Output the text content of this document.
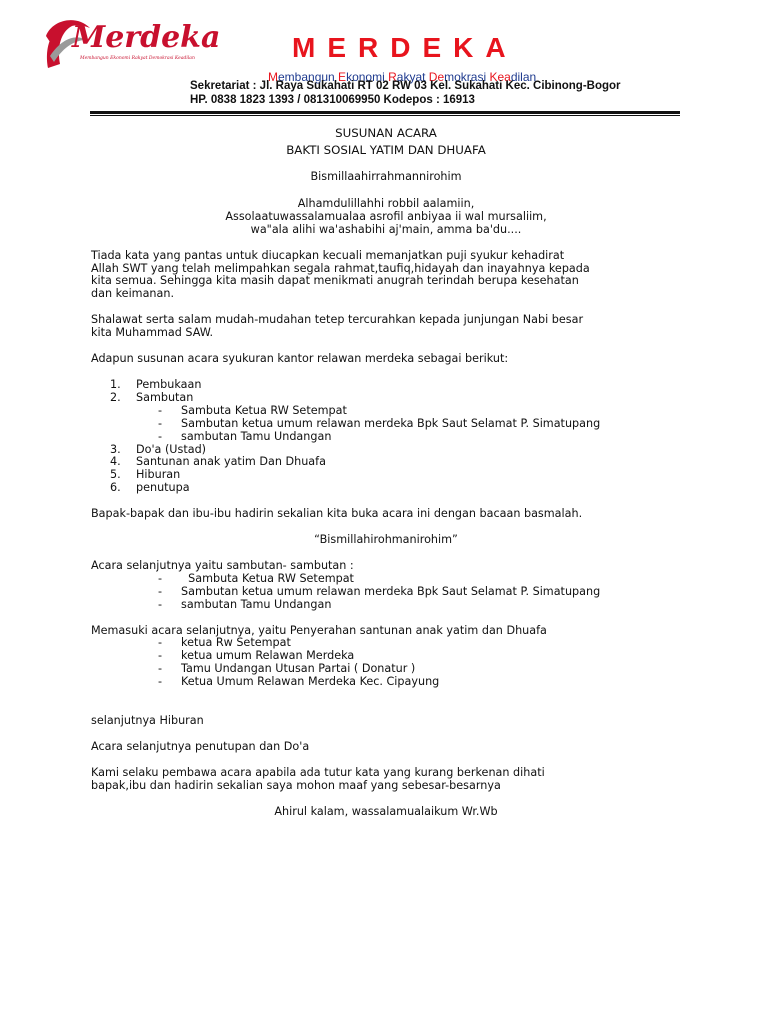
Merdeka
Membangun Ekonomi Rakyat Demokrasi Keadilan	MERDEKA
Membangun Ekonomi Rakyat Demokrasi Keadilan
Sekretariat : Jl. Raya Sukahati RT 02 RW 03 Kel. Sukahati Kec. Cibinong-Bogor
HP. 0838 1823 1393 / 081310069950 Kodepos : 16913
SUSUNAN ACARA
BAKTI SOSIAL YATIM DAN DHUAFA
Bismillaahirrahmannirohim
Alhamdulillahhi robbil aalamiin,
Assolaatuwassalamualaa asrofil anbiyaa ii wal mursaliim,
wa"ala alihi wa'ashabihi aj'main, amma ba'du....
Tiada kata yang pantas untuk diucapkan kecuali memanjatkan puji syukur kehadirat
Allah SWT yang telah melimpahkan segala rahmat,taufiq,hidayah dan inayahnya kepada
kita semua. Sehingga kita masih dapat menikmati anugrah terindah berupa kesehatan
dan keimanan.
Shalawat serta salam mudah-mudahan tetep tercurahkan kepada junjungan Nabi besar
kita Muhammad SAW.
Adapun susunan acara syukuran kantor relawan merdeka sebagai berikut:
1. Pembukaan
2. Sambutan
- Sambuta Ketua RW Setempat
- Sambutan ketua umum relawan merdeka Bpk Saut Selamat P. Simatupang
- sambutan Tamu Undangan
3. Do'a (Ustad)
4. Santunan anak yatim Dan Dhuafa
5. Hiburan
6. penutupa
Bapak-bapak dan ibu-ibu hadirin sekalian kita buka acara ini dengan bacaan basmalah.
“Bismillahirohmanirohim”
Acara selanjutnya yaitu sambutan- sambutan :
-   Sambuta Ketua RW Setempat
- Sambutan ketua umum relawan merdeka Bpk Saut Selamat P. Simatupang
- sambutan Tamu Undangan
Memasuki acara selanjutnya, yaitu Penyerahan santunan anak yatim dan Dhuafa
- ketua Rw Setempat
- ketua umum Relawan Merdeka
- Tamu Undangan Utusan Partai ( Donatur )
- Ketua Umum Relawan Merdeka Kec. Cipayung
selanjutnya Hiburan
Acara selanjutnya penutupan dan Do'a
Kami selaku pembawa acara apabila ada tutur kata yang kurang berkenan dihati
bapak,ibu dan hadirin sekalian saya mohon maaf yang sebesar-besarnya
Ahirul kalam, wassalamualaikum Wr.Wb
